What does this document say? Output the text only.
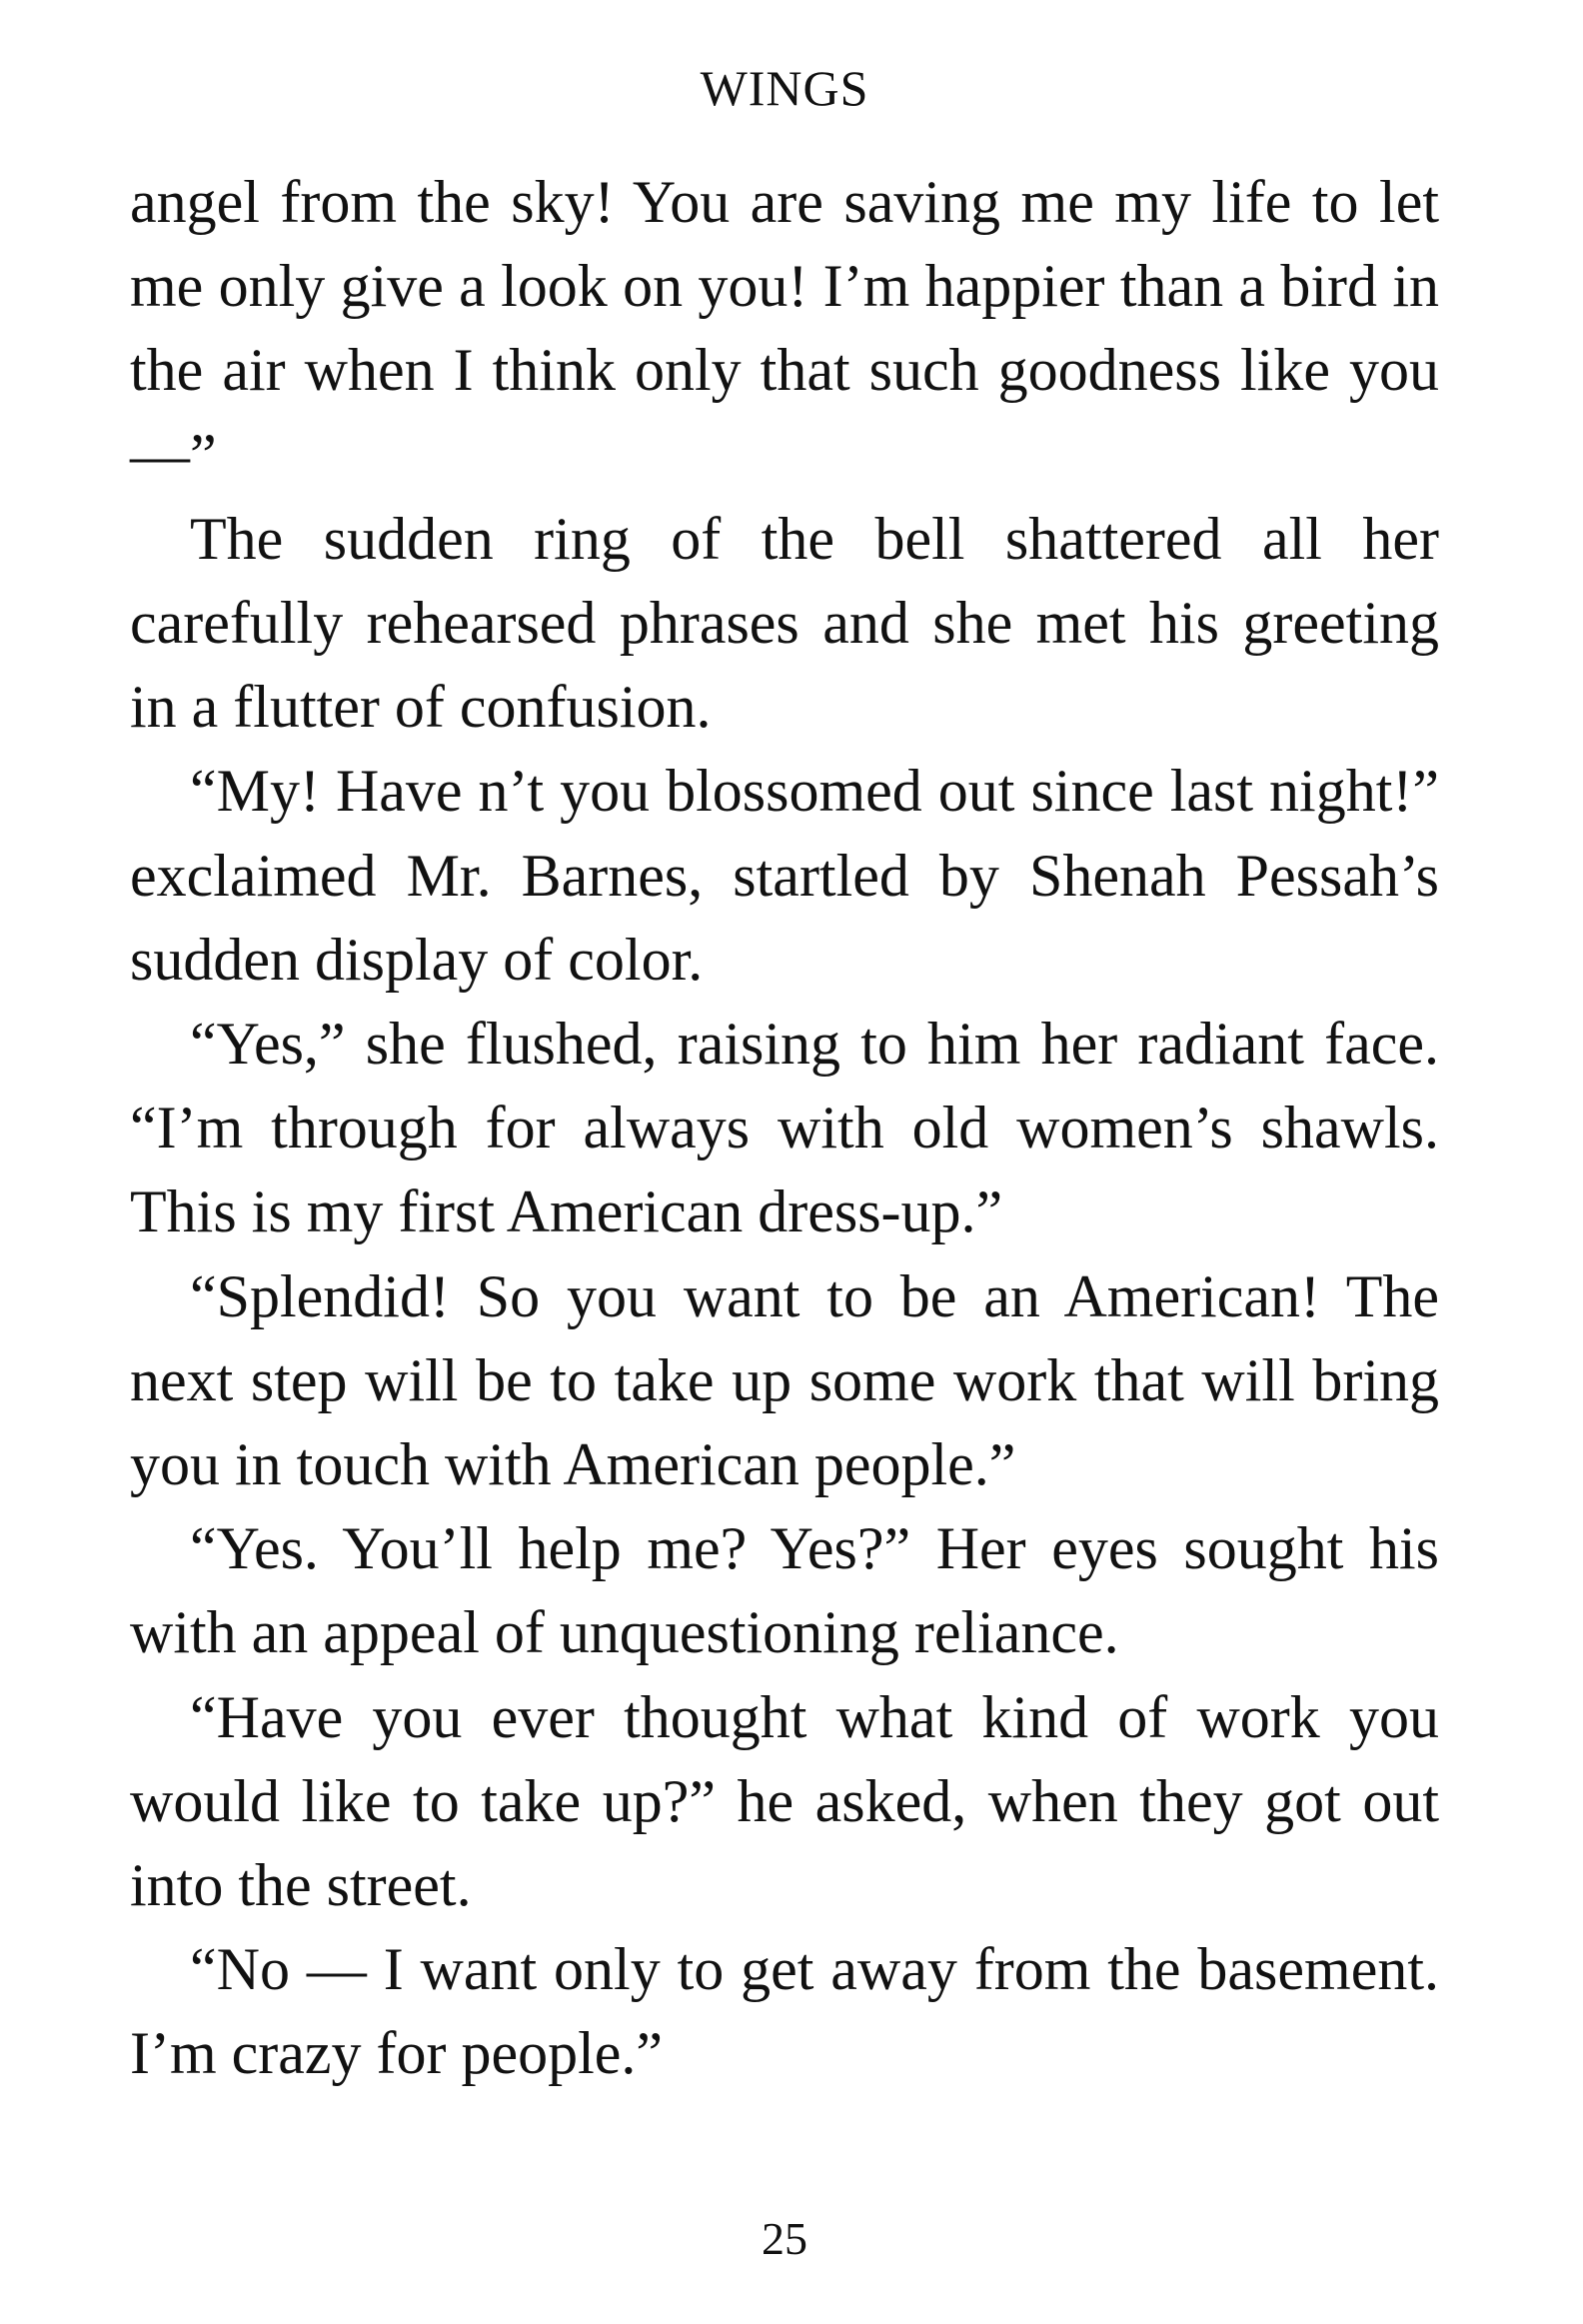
WINGS

angel from the sky! You are saving me my life to let me only give a look on you! I’m happier than a bird in the air when I think only that such goodness like you —”

The sudden ring of the bell shattered all her carefully rehearsed phrases and she met his greeting in a flutter of confusion.

“My! Have n’t you blossomed out since last night!” exclaimed Mr. Barnes, startled by Shenah Pessah’s sudden display of color.

“Yes,” she flushed, raising to him her radiant face. “I’m through for always with old women’s shawls. This is my first American dress-up.”

“Splendid! So you want to be an American! The next step will be to take up some work that will bring you in touch with American people.”

“Yes. You’ll help me? Yes?” Her eyes sought his with an appeal of unquestioning reliance.

“Have you ever thought what kind of work you would like to take up?” he asked, when they got out into the street.

“No — I want only to get away from the basement. I’m crazy for people.”

25
